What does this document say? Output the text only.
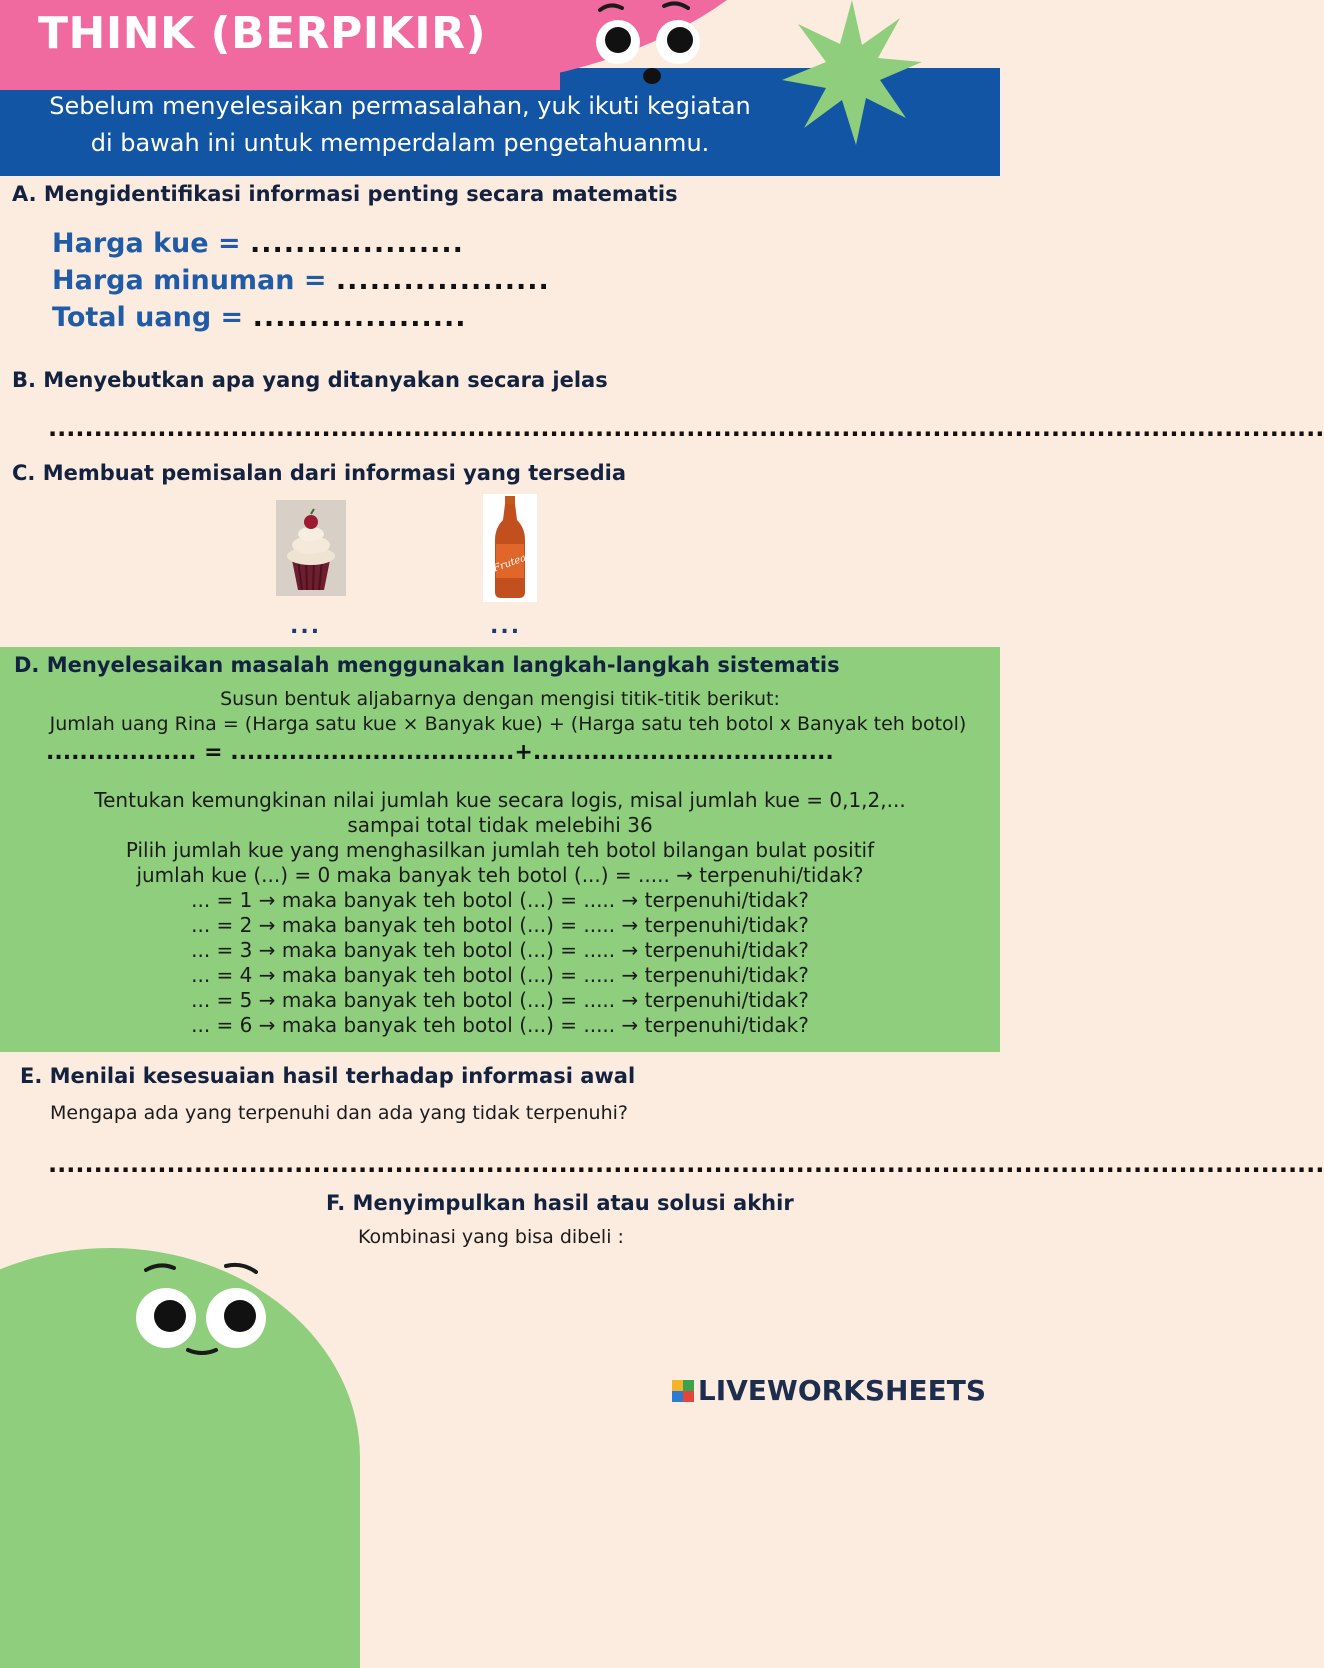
THINK (BERPIKIR)

Sebelum menyelesaikan permasalahan, yuk ikuti kegiatan
di bawah ini untuk memperdalam pengetahuanmu.

A. Mengidentifikasi informasi penting secara matematis
Harga kue = ...................
Harga minuman = ...................
Total uang = ...................
B. Menyebutkan apa yang ditanyakan secara jelas
............................................................................................................................................
C. Membuat pemisalan dari informasi yang tersedia
...
Frutea
...
D. Menyelesaikan masalah menggunakan langkah-langkah sistematis

Susun bentuk aljabarnya dengan mengisi titik-titik berikut:

Jumlah uang Rina = (Harga satu kue × Banyak kue) + (Harga satu teh botol x Banyak teh botol)

.................. = ..................................+....................................

Tentukan kemungkinan nilai jumlah kue secara logis, misal jumlah kue = 0,1,2,...

sampai total tidak melebihi 36

Pilih jumlah kue yang menghasilkan jumlah teh botol bilangan bulat positif

jumlah kue (...) = 0 maka banyak teh botol (...) = ..... → terpenuhi/tidak?

... = 1 → maka banyak teh botol (...) = ..... → terpenuhi/tidak?

... = 2 → maka banyak teh botol (...) = ..... → terpenuhi/tidak?

... = 3 → maka banyak teh botol (...) = ..... → terpenuhi/tidak?

... = 4 → maka banyak teh botol (...) = ..... → terpenuhi/tidak?

... = 5 → maka banyak teh botol (...) = ..... → terpenuhi/tidak?

... = 6 → maka banyak teh botol (...) = ..... → terpenuhi/tidak?

E. Menilai kesesuaian hasil terhadap informasi awal

Mengapa ada yang terpenuhi dan ada yang tidak terpenuhi?

............................................................................................................................................
F. Menyimpulkan hasil atau solusi akhir

Kombinasi yang bisa dibeli :

LIVEWORKSHEETS
